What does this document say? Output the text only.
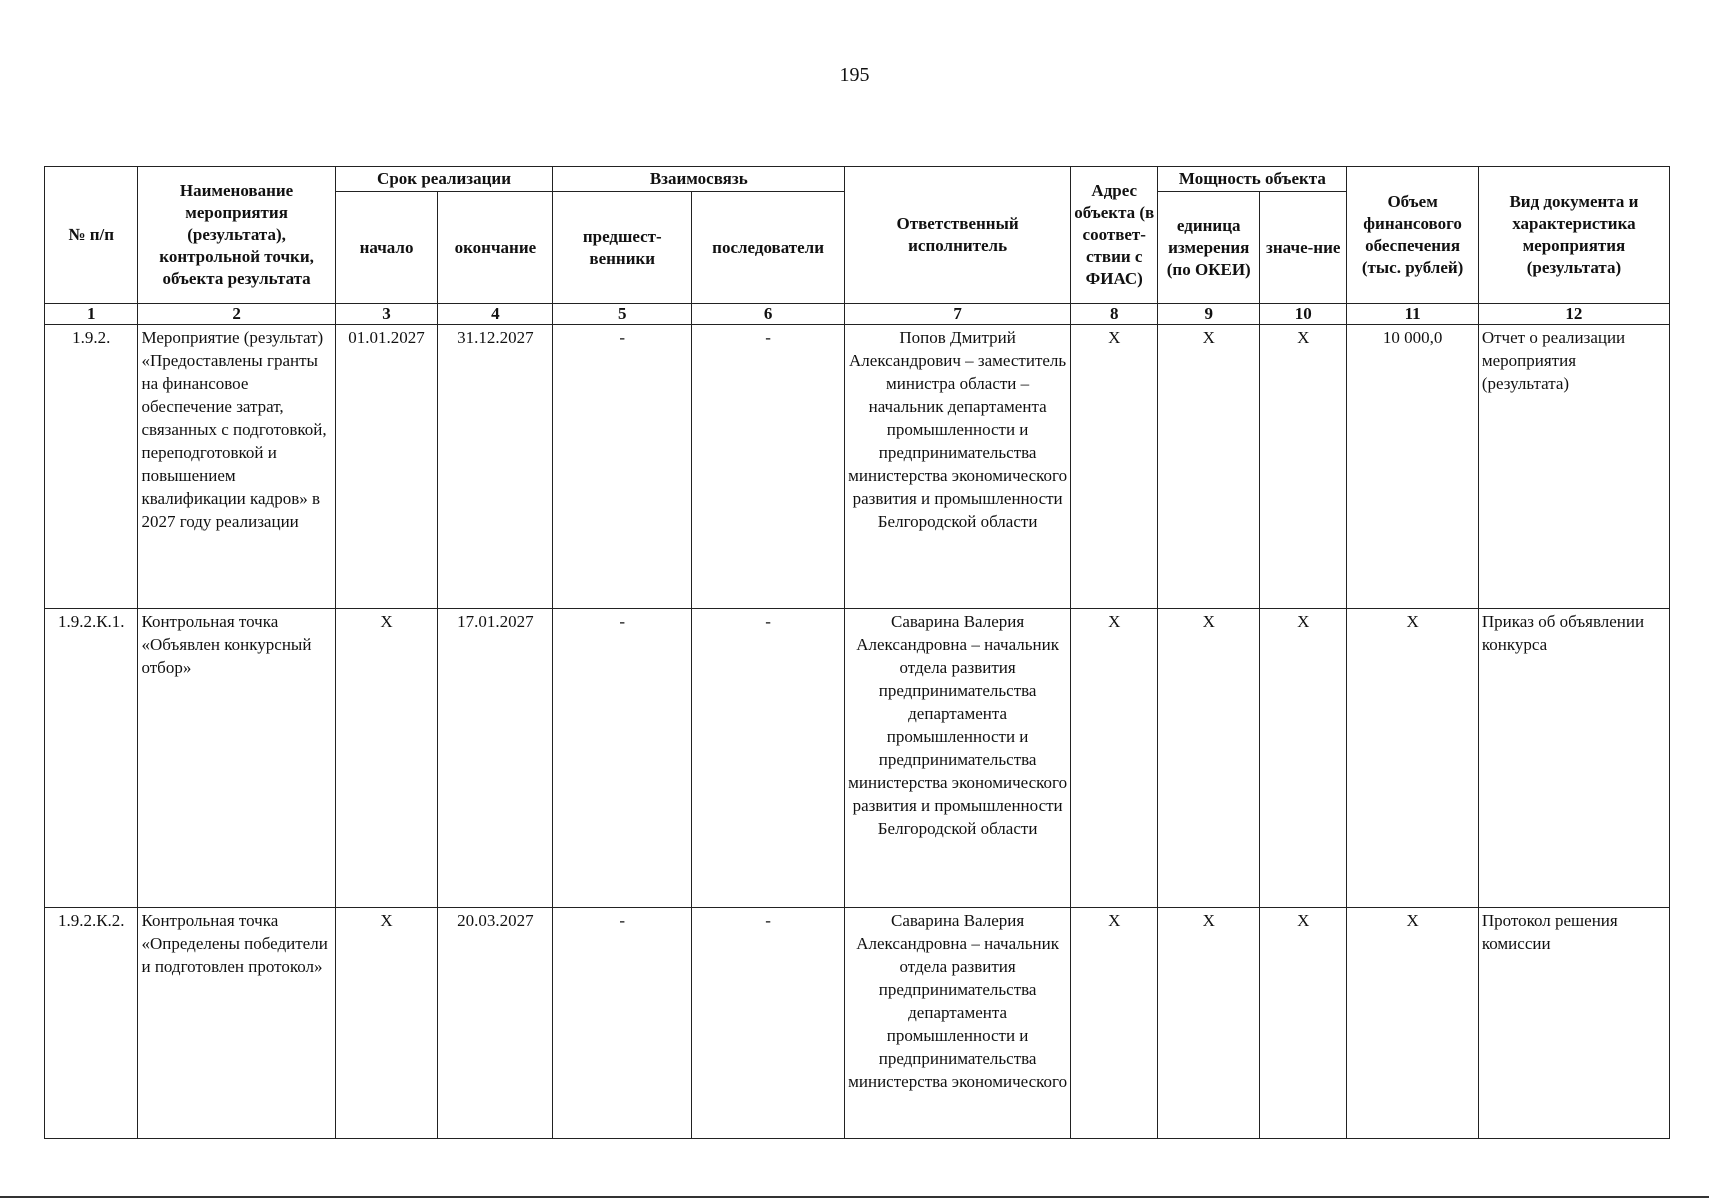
195
№ п/п	Наименование мероприятия (результата), контрольной точки, объекта результата	Срок реализации		Взаимосвязь		Ответственный исполнитель	Адрес объекта (в соответ-ствии с ФИАС)	Мощность объекта		Объем финансового обеспечения (тыс. рублей)	Вид документа и характеристика мероприятия (результата)
		начало	окончание	предшест-венники	последователи			единица измерения (по ОКЕИ)	значе-ние		
1	2	3	4	5	6	7	8	9	10	11	12
1.9.2.	Мероприятие (результат) «Предоставлены гранты на финансовое обеспечение затрат, связанных с подготовкой, переподготовкой и повышением квалификации кадров» в 2027 году реализации	01.01.2027	31.12.2027	-	-	Попов Дмитрий Александрович – заместитель министра области – начальник департамента промышленности и предпринимательства министерства экономического развития и промышленности Белгородской области	X	X	X	10 000,0	Отчет о реализации мероприятия (результата)
1.9.2.К.1.	Контрольная точка «Объявлен конкурсный отбор»	X	17.01.2027	-	-	Саварина Валерия Александровна – начальник отдела развития предпринимательства департамента промышленности и предпринимательства министерства экономического развития и промышленности Белгородской области	X	X	X	X	Приказ об объявлении конкурса
1.9.2.К.2.	Контрольная точка «Определены победители и подготовлен протокол»	X	20.03.2027	-	-	Саварина Валерия Александровна – начальник отдела развития предпринимательства департамента промышленности и предпринимательства министерства экономического	X	X	X	X	Протокол решения комиссии
